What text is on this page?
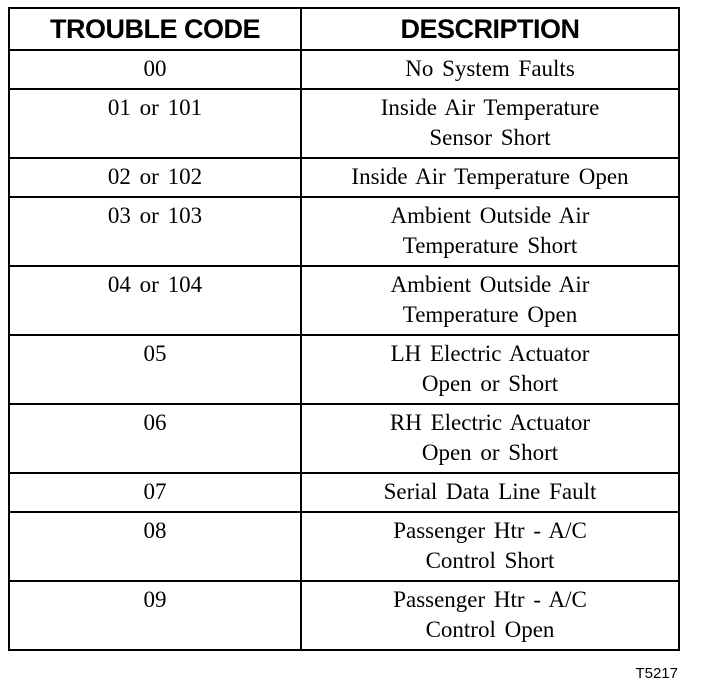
TROUBLE CODE	DESCRIPTION
00	No System Faults

01 or 101	Inside Air Temperature
Sensor Short

02 or 102	Inside Air Temperature Open

03 or 103	Ambient Outside Air
Temperature Short

04 or 104	Ambient Outside Air
Temperature Open

05	LH Electric Actuator
Open or Short

06	RH Electric Actuator
Open or Short

07	Serial Data Line Fault

08	Passenger Htr - A/C
Control Short

09	Passenger Htr - A/C
Control Open
T5217
